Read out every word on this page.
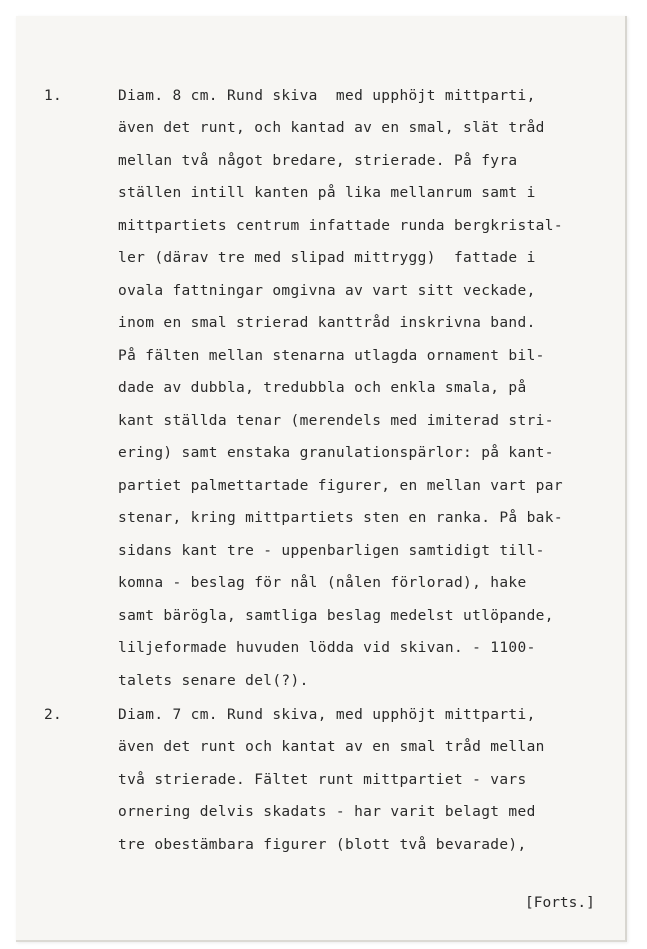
1.	Diam. 8 cm. Rund skiva  med upphöjt mittparti,
även det runt, och kantad av en smal, slät tråd
mellan två något bredare, strierade. På fyra
ställen intill kanten på lika mellanrum samt i
mittpartiets centrum infattade runda bergkristal-
ler (därav tre med slipad mittrygg)  fattade i
ovala fattningar omgivna av vart sitt veckade,
inom en smal strierad kanttråd inskrivna band.
På fälten mellan stenarna utlagda ornament bil-
dade av dubbla, tredubbla och enkla smala, på
kant ställda tenar (merendels med imiterad stri-
ering) samt enstaka granulationspärlor: på kant-
partiet palmettartade figurer, en mellan vart par
stenar, kring mittpartiets sten en ranka. På bak-
sidans kant tre - uppenbarligen samtidigt till-
komna - beslag för nål (nålen förlorad), hake
samt bärögla, samtliga beslag medelst utlöpande,
liljeformade huvuden lödda vid skivan. - 1100-
talets senare del(?).
2.	Diam. 7 cm. Rund skiva, med upphöjt mittparti,
även det runt och kantat av en smal tråd mellan
två strierade. Fältet runt mittpartiet - vars
ornering delvis skadats - har varit belagt med
tre obestämbara figurer (blott två bevarade),
[Forts.]
